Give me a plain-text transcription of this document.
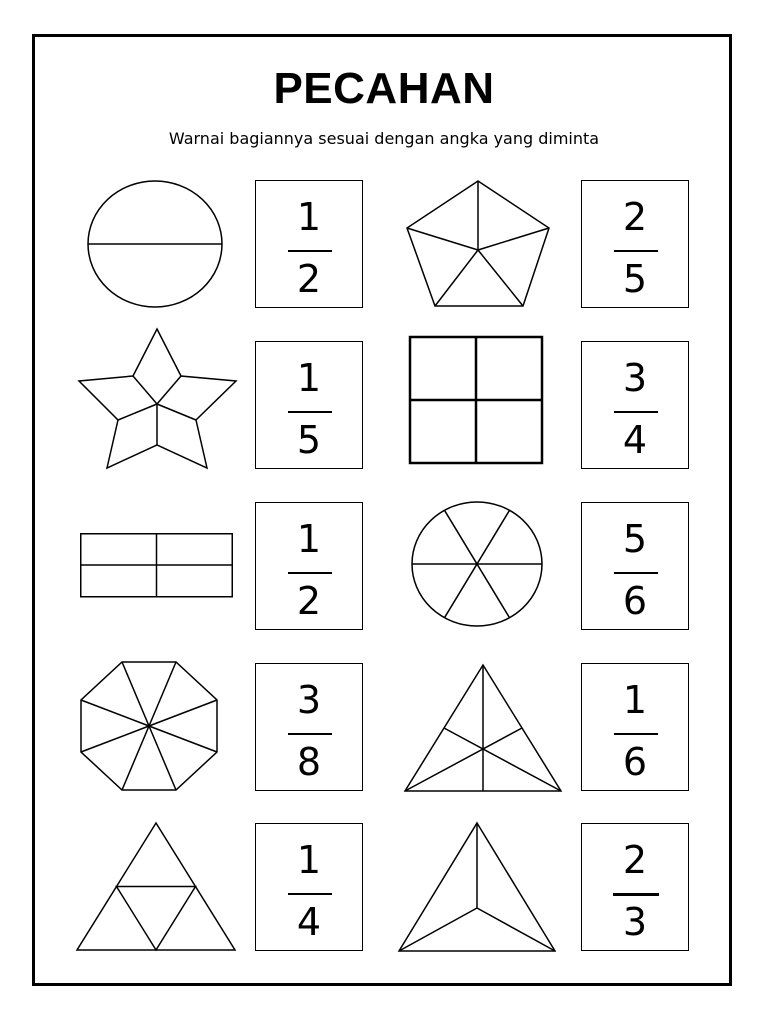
PECAHAN

Warnai bagiannya sesuai dengan angka yang diminta

1
2
2
5
1
5
3
4
1
2
5
6
3
8
1
6
1
4
2
3
